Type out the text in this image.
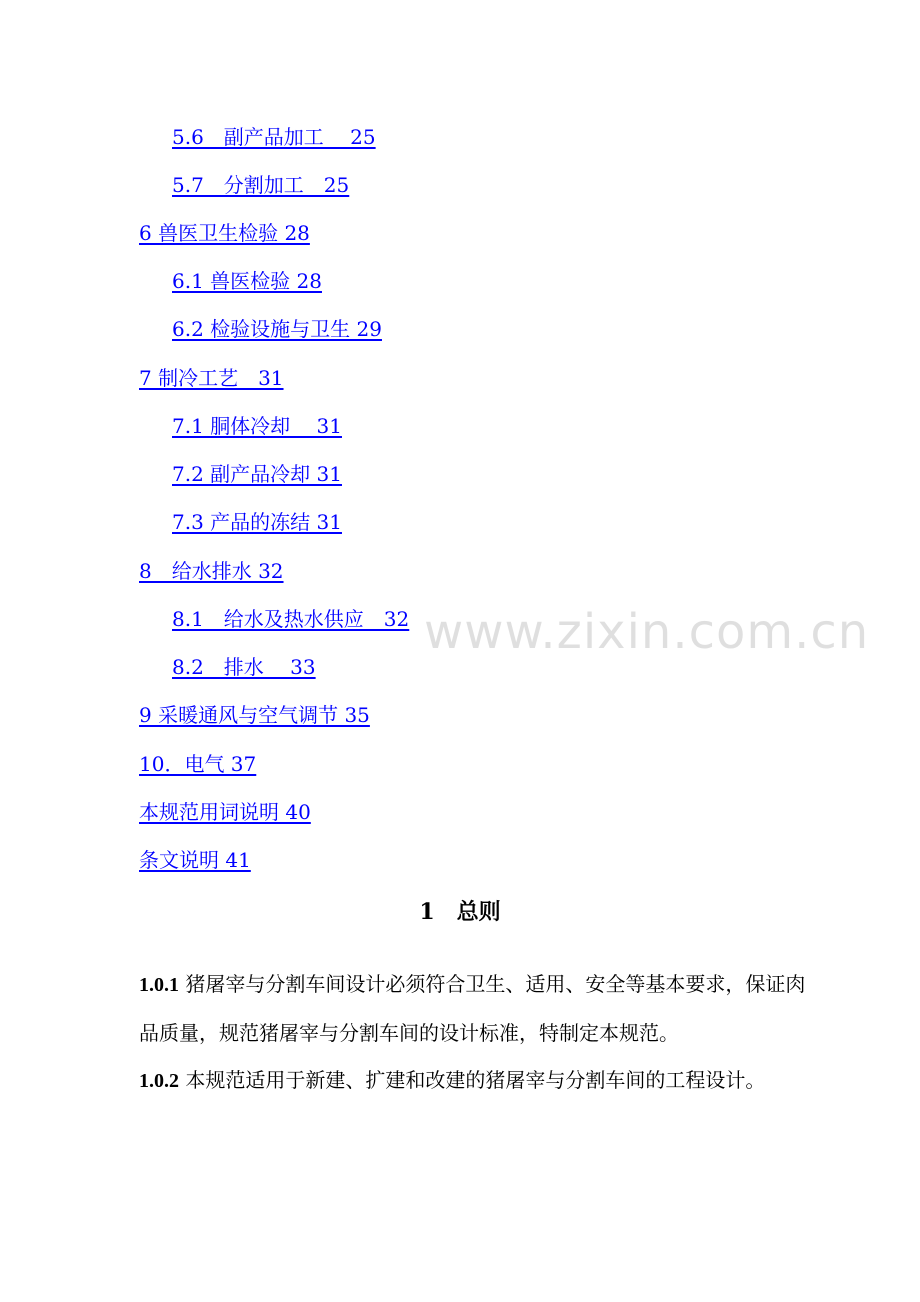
5.6　副产品加工　 25
5.7　分割加工　25
6 兽医卫生检验 28
6.1 兽医检验 28
6.2 检验设施与卫生 29
7 制冷工艺　31
7.1 胴体冷却　 31
7.2 副产品冷却 31
7.3 产品的冻结 31
8　给水排水 32
8.1　给水及热水供应　32
8.2　排水　 33
9 采暖通风与空气调节 35
10．电气 37
本规范用词说明 40
条文说明 41
www.zixin.com.cn
1　总则
1.0.1 猪屠宰与分割车间设计必须符合卫生、适用、安全等基本要求，保证肉品质量，规范猪屠宰与分割车间的设计标准，特制定本规范。
1.0.2 本规范适用于新建、扩建和改建的猪屠宰与分割车间的工程设计。
